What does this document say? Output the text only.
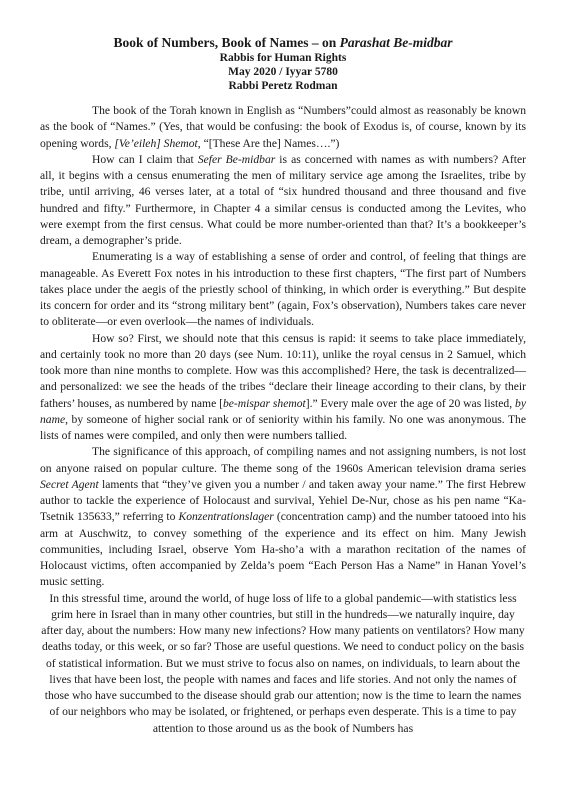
Book of Numbers, Book of Names – on Parashat Be-midbar

Rabbis for Human Rights

May 2020 / Iyyar 5780

Rabbi Peretz Rodman

The book of the Torah known in English as “Numbers”could almost as reasonably be known as the book of “Names.” (Yes, that would be confusing: the book of Exodus is, of course, known by its opening words, [Ve’eileh] Shemot, “[These Are the] Names….”)

How can I claim that Sefer Be-midbar is as concerned with names as with numbers? After all, it begins with a census enumerating the men of military service age among the Israelites, tribe by tribe, until arriving, 46 verses later, at a total of “six hundred thousand and three thousand and five hundred and fifty.” Furthermore, in Chapter 4 a similar census is conducted among the Levites, who were exempt from the first census. What could be more number-oriented than that? It’s a bookkeeper’s dream, a demographer’s pride.

Enumerating is a way of establishing a sense of order and control, of feeling that things are manageable. As Everett Fox notes in his introduction to these first chapters, “The first part of Numbers takes place under the aegis of the priestly school of thinking, in which order is everything.” But despite its concern for order and its “strong military bent” (again, Fox’s observation), Numbers takes care never to obliterate—or even overlook—the names of individuals.

How so? First, we should note that this census is rapid: it seems to take place immediately, and certainly took no more than 20 days (see Num. 10:11), unlike the royal census in 2 Samuel, which took more than nine months to complete. How was this accomplished? Here, the task is decentralized—and personalized: we see the heads of the tribes “declare their lineage according to their clans, by their fathers’ houses, as numbered by name [be-mispar shemot].” Every male over the age of 20 was listed, by name, by someone of higher social rank or of seniority within his family. No one was anonymous. The lists of names were compiled, and only then were numbers tallied.

The significance of this approach, of compiling names and not assigning numbers, is not lost on anyone raised on popular culture. The theme song of the 1960s American television drama series Secret Agent laments that “they’ve given you a number / and taken away your name.” The first Hebrew author to tackle the experience of Holocaust and survival, Yehiel De-Nur, chose as his pen name “Ka-Tsetnik 135633,” referring to Konzentrationslager (concentration camp) and the number tatooed into his arm at Auschwitz, to convey something of the experience and its effect on him. Many Jewish communities, including Israel, observe Yom Ha-sho’a with a marathon recitation of the names of Holocaust victims, often accompanied by Zelda’s poem “Each Person Has a Name” in Hanan Yovel’s music setting.

In this stressful time, around the world, of huge loss of life to a global pandemic—with statistics less grim here in Israel than in many other countries, but still in the hundreds—we naturally inquire, day after day, about the numbers: How many new infections? How many patients on ventilators? How many deaths today, or this week, or so far? Those are useful questions. We need to conduct policy on the basis of statistical information. But we must strive to focus also on names, on individuals, to learn about the lives that have been lost, the people with names and faces and life stories. And not only the names of those who have succumbed to the disease should grab our attention; now is the time to learn the names of our neighbors who may be isolated, or frightened, or perhaps even desperate. This is a time to pay attention to those around us as the book of Numbers has
